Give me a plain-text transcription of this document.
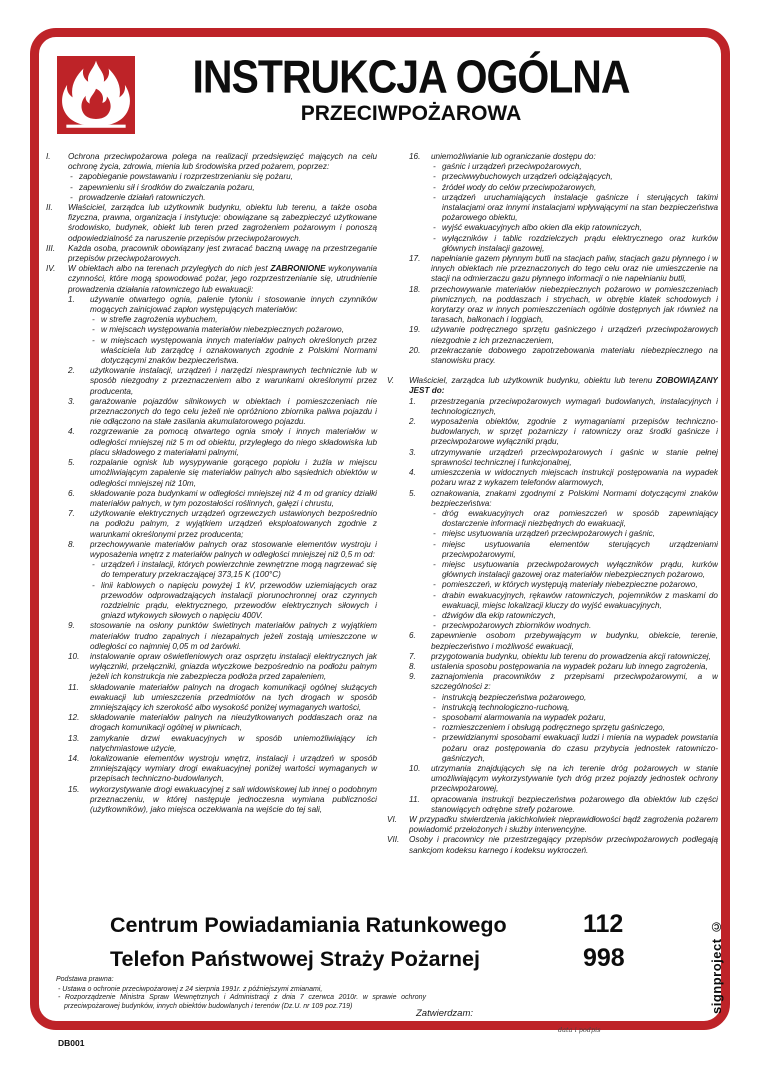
INSTRUKCJA OGÓLNA
PRZECIWPOŻAROWA
I. Ochrona przeciwpożarowa polega na realizacji przedsięwzięć mających na celu ochronę życia, zdrowia, mienia lub środowiska przed pożarem, poprzez:
- zapobieganie powstawaniu i rozprzestrzenianiu się pożaru,
- zapewnieniu sił i środków do zwalczania pożaru,
- prowadzenie działań ratowniczych.
II. Właściciel, zarządca lub użytkownik budynku, obiektu lub terenu, a także osoba fizyczna, prawna, organizacja i instytucje: obowiązane są zabezpieczyć użytkowane środowisko, budynek, obiekt lub teren przed zagrożeniem pożarowym i ponoszą odpowiedzialność za naruszenie przepisów przeciwpożarowych.
III. Każda osoba, pracownik obowiązany jest zwracać baczną uwagę na przestrzeganie przepisów przeciwpożarowych.
IV. W obiektach albo na terenach przyległych do nich jest ZABRONIONE wykonywania czynności, które mogą spowodować pożar, jego rozprzestrzenianie się, utrudnienie prowadzenia działania ratowniczego lub ewakuacji:
1. używanie otwartego ognia, palenie tytoniu i stosowanie innych czynników mogących zainicjować zapłon występujących materiałów:
- w strefie zagrożenia wybuchem,
- w miejscach występowania materiałów niebezpiecznych pożarowo,
- w miejscach występowania innych materiałów palnych określonych przez właściciela lub zarządcę i oznakowanych zgodnie z Polskimi Normami dotyczącymi znaków bezpieczeństwa.
2. użytkowanie instalacji, urządzeń i narzędzi niesprawnych technicznie lub w sposób niezgodny z przeznaczeniem albo z warunkami określonymi przez producenta,
3. garażowanie pojazdów silnikowych w obiektach i pomieszczeniach nie przeznaczonych do tego celu jeżeli nie opróżniono zbiornika paliwa pojazdu i nie odłączono na stałe zasilania akumulatorowego pojazdu.
4. rozgrzewanie za pomocą otwartego ognia smoły i innych materiałów w odległości mniejszej niż 5 m od obiektu, przyległego do niego składowiska lub placu składowego z materiałami palnymi,
5. rozpalanie ognisk lub wysypywanie gorącego popiołu i żużla w miejscu umożliwiającym zapalenie się materiałów palnych albo sąsiednich obiektów w odległości mniejszej niż 10m,
6. składowanie poza budynkami w odległości mniejszej niż 4 m od granicy działki materiałów palnych, w tym pozostałości roślinnych, gałęzi i chrustu,
7. użytkowanie elektrycznych urządzeń ogrzewczych ustawionych bezpośrednio na podłożu palnym, z wyjątkiem urządzeń eksploatowanych zgodnie z warunkami określonymi przez producenta;
8. przechowywanie materiałów palnych oraz stosowanie elementów wystroju i wyposażenia wnętrz z materiałów palnych w odległości mniejszej niż 0,5 m od:
- urządzeń i instalacji, których powierzchnie zewnętrzne mogą nagrzewać się do temperatury przekraczającej 373,15 K (100°C)
- linii kablowych o napięciu powyżej 1 kV, przewodów uziemiających oraz przewodów odprowadzających instalacji piorunochronnej oraz czynnych rozdzielnic prądu, elektrycznego, przewodów elektrycznych siłowych i gniazd wtykowych siłowych o napięciu 400V.
9. stosowanie na osłony punktów świetlnych materiałów palnych z wyjątkiem materiałów trudno zapalnych i niezapalnych jeżeli zostają umieszczone w odległości co najmniej 0,05 m od żarówki.
10. instalowanie opraw oświetleniowych oraz osprzętu instalacji elektrycznych jak wyłączniki, przełączniki, gniazda wtyczkowe bezpośrednio na podłożu palnym jeżeli ich konstrukcja nie zabezpiecza podłoża przed zapaleniem,
11. składowanie materiałów palnych na drogach komunikacji ogólnej służących ewakuacji lub umieszczenia przedmiotów na tych drogach w sposób zmniejszający ich szerokość albo wysokość poniżej wymaganych wartości,
12. składowanie materiałów palnych na nieużytkowanych poddaszach oraz na drogach komunikacji ogólnej w piwnicach,
13. zamykanie drzwi ewakuacyjnych w sposób uniemożliwiający ich natychmiastowe użycie,
14. lokalizowanie elementów wystroju wnętrz, instalacji i urządzeń w sposób zmniejszający wymiary drogi ewakuacyjnej poniżej wartości wymaganych w przepisach techniczno-budowlanych,
15. wykorzystywanie drogi ewakuacyjnej z sali widowiskowej lub innej o podobnym przeznaczeniu, w której następuje jednoczesna wymiana publiczności (użytkowników), jako miejsca oczekiwania na wejście do tej sali,
16. uniemożliwianie lub ograniczanie dostępu do:
- gaśnic i urządzeń przeciwpożarowych,
- przeciwwybuchowych urządzeń odciążających,
- źródeł wody do celów przeciwpożarowych,
- urządzeń uruchamiających instalacje gaśnicze i sterujących takimi instalacjami oraz innymi instalacjami wpływającymi na stan bezpieczeństwa pożarowego obiektu,
- wyjść ewakuacyjnych albo okien dla ekip ratowniczych,
- wyłączników i tablic rozdzielczych prądu elektrycznego oraz kurków głównych instalacji gazowej,
17. napełnianie gazem płynnym butli na stacjach paliw, stacjach gazu płynnego i w innych obiektach nie przeznaczonych do tego celu oraz nie umieszczenie na stacji na odmierzaczu gazu płynnego informacji o nie napełnianiu butli,
18. przechowywanie materiałów niebezpiecznych pożarowo w pomieszczeniach piwnicznych, na poddaszach i strychach, w obrębie klatek schodowych i korytarzy oraz w innych pomieszczeniach ogólnie dostępnych jak również na tarasach, balkonach i loggiach,
19. używanie podręcznego sprzętu gaśniczego i urządzeń przeciwpożarowych niezgodnie z ich przeznaczeniem,
20. przekraczanie dobowego zapotrzebowania materiału niebezpiecznego na stanowisku pracy.
V. Właściciel, zarządca lub użytkownik budynku, obiektu lub terenu ZOBOWIĄZANY JEST do:
1. przestrzegania przeciwpożarowych wymagań budowlanych, instalacyjnych i technologicznych,
2. wyposażenia obiektów, zgodnie z wymaganiami przepisów techniczno-budowlanych, w sprzęt pożarniczy i ratowniczy oraz środki gaśnicze i przeciwpożarowe wyłączniki prądu,
3. utrzymywanie urządzeń przeciwpożarowych i gaśnic w stanie pełnej sprawności technicznej i funkcjonalnej,
4. umieszczenia w widocznych miejscach instrukcji postępowania na wypadek pożaru wraz z wykazem telefonów alarmowych,
5. oznakowania, znakami zgodnymi z Polskimi Normami dotyczącymi znaków bezpieczeństwa:
- dróg ewakuacyjnych oraz pomieszczeń w sposób zapewniający dostarczenie informacji niezbędnych do ewakuacji,
- miejsc usytuowania urządzeń przeciwpożarowych i gaśnic,
- miejsc usytuowania elementów sterujących urządzeniami przeciwpożarowymi,
- miejsc usytuowania przeciwpożarowych wyłączników prądu, kurków głównych instalacji gazowej oraz materiałów niebezpiecznych pożarowo,
- pomieszczeń, w których występują materiały niebezpieczne pożarowo,
- drabin ewakuacyjnych, rękawów ratowniczych, pojemników z maskami do ewakuacji, miejsc lokalizacji kluczy do wyjść ewakuacyjnych,
- dźwigów dla ekip ratowniczych,
- przeciwpożarowych zbiorników wodnych.
6. zapewnienie osobom przebywającym w budynku, obiekcie, terenie, bezpieczeństwo i możliwość ewakuacji,
7. przygotowania budynku, obiektu lub terenu do prowadzenia akcji ratowniczej,
8. ustalenia sposobu postępowania na wypadek pożaru lub innego zagrożenia,
9. zaznajomienia pracowników z przepisami przeciwpożarowymi, a w szczególności z:
- instrukcją bezpieczeństwa pożarowego,
- instrukcją technologiczno-ruchową,
- sposobami alarmowania na wypadek pożaru,
- rozmieszczeniem i obsługą podręcznego sprzętu gaśniczego,
- przewidzianymi sposobami ewakuacji ludzi i mienia na wypadek powstania pożaru oraz postępowania do czasu przybycia jednostek ratowniczo-gaśniczych,
10. utrzymania znajdujących się na ich terenie dróg pożarowych w stanie umożliwiającym wykorzystywanie tych dróg przez pojazdy jednostek ochrony przeciwpożarowej,
11. opracowania instrukcji bezpieczeństwa pożarowego dla obiektów lub części stanowiących odrębne strefy pożarowe.
VI. W przypadku stwierdzenia jakichkolwiek nieprawidłowości bądź zagrożenia pożarem powiadomić przełożonych i służby interwencyjne.
VII. Osoby i pracownicy nie przestrzegający przepisów przeciwpożarowych podlegają sankcjom kodeksu karnego i kodeksu wykroczeń.
Centrum Powiadamiania Ratunkowego	112
Telefon Państwowej Straży Pożarnej	998
Podstawa prawna:
- Ustawa o ochronie przeciwpożarowej z 24 sierpnia 1991r. z późniejszymi zmianami,
- Rozporządzenie Ministra Spraw Wewnętrznych i Administracji z dnia 7 czerwca 2010r. w sprawie ochrony przeciwpożarowej budynków, innych obiektów budowlanych i terenów (Dz.U. nr 109 poz.719)
Zatwierdzam:
data i podpis
signproject ©
DB001
